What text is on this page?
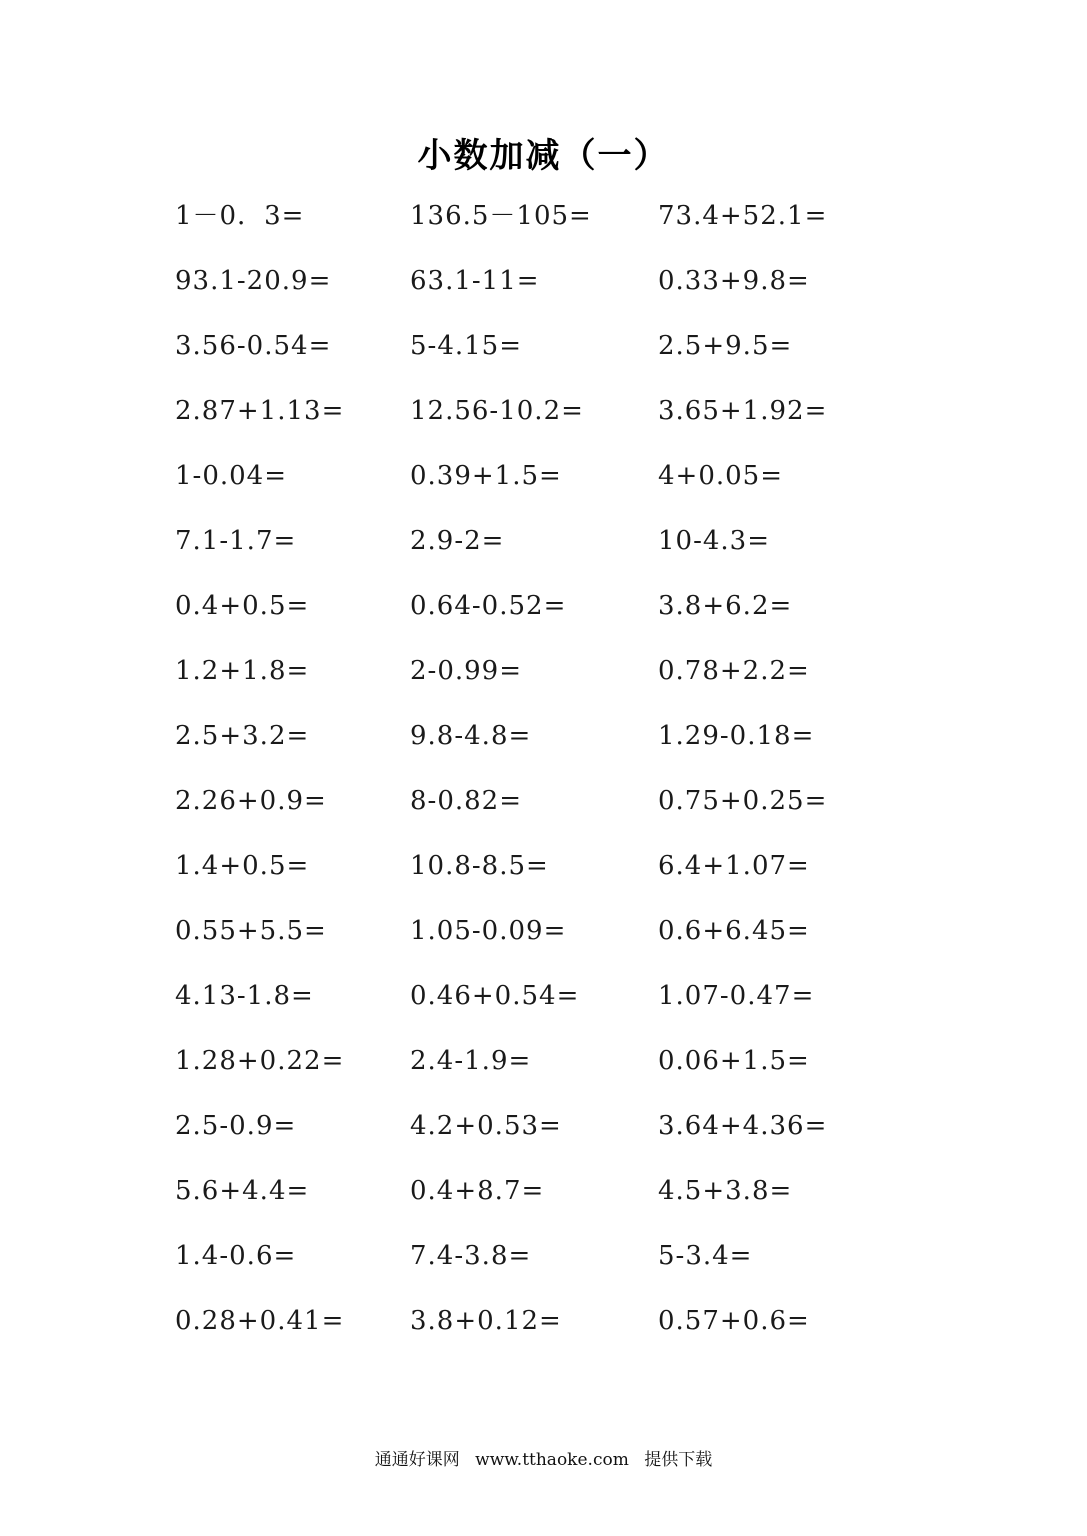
小数加减（一）
1－0．3=	136.5－105=	73.4+52.1=
93.1-20.9=	63.1-11=	0.33+9.8=
3.56-0.54=	5-4.15=	2.5+9.5=
2.87+1.13=	12.56-10.2=	3.65+1.92=
1-0.04=	0.39+1.5=	4+0.05=
7.1-1.7=	2.9-2=	10-4.3=
0.4+0.5=	0.64-0.52=	3.8+6.2=
1.2+1.8=	2-0.99=	0.78+2.2=
2.5+3.2=	9.8-4.8=	1.29-0.18=
2.26+0.9=	8-0.82=	0.75+0.25=
1.4+0.5=	10.8-8.5=	6.4+1.07=
0.55+5.5=	1.05-0.09=	0.6+6.45=
4.13-1.8=	0.46+0.54=	1.07-0.47=
1.28+0.22=	2.4-1.9=	0.06+1.5=
2.5-0.9=	4.2+0.53=	3.64+4.36=
5.6+4.4=	0.4+8.7=	4.5+3.8=
1.4-0.6=	7.4-3.8=	5-3.4=
0.28+0.41=	3.8+0.12=	0.57+0.6=
通通好课网 www.tthaoke.com 提供下载
